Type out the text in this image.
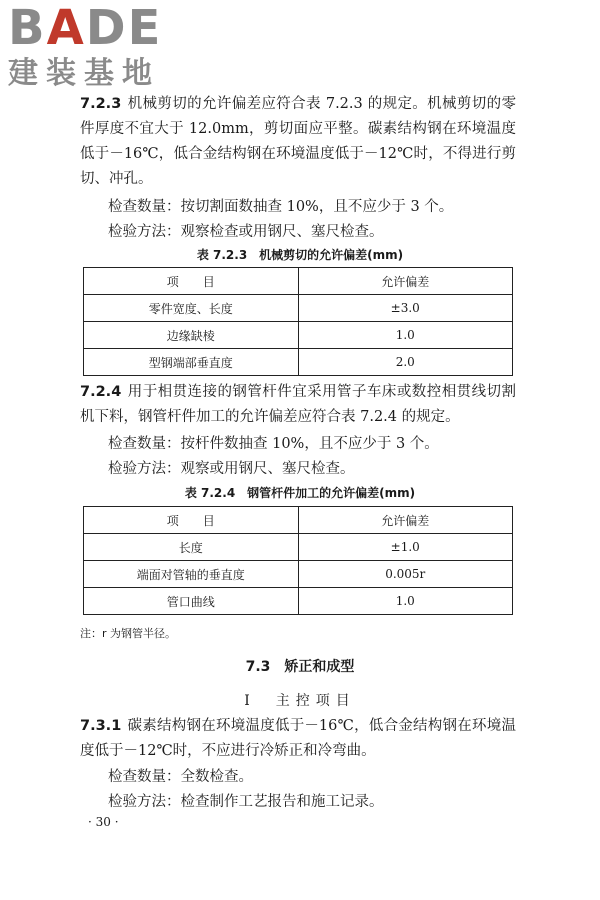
BADE
建装基地
7.2.3 机械剪切的允许偏差应符合表 7.2.3 的规定。机械剪切的零件厚度不宜大于 12.0mm，剪切面应平整。碳素结构钢在环境温度低于－16℃，低合金结构钢在环境温度低于－12℃时，不得进行剪切、冲孔。
检查数量：按切割面数抽查 10%，且不应少于 3 个。
检验方法：观察检查或用钢尺、塞尺检查。
表 7.2.3　机械剪切的允许偏差(mm)
项　　目	允许偏差
零件宽度、长度	±3.0
边缘缺棱	1.0
型钢端部垂直度	2.0
7.2.4 用于相贯连接的钢管杆件宜采用管子车床或数控相贯线切割机下料，钢管杆件加工的允许偏差应符合表 7.2.4 的规定。
检查数量：按杆件数抽查 10%，且不应少于 3 个。
检验方法：观察或用钢尺、塞尺检查。
表 7.2.4　钢管杆件加工的允许偏差(mm)
项　　目	允许偏差
长度	±1.0
端面对管轴的垂直度	0.005r
管口曲线	1.0
注：r 为钢管半径。
7.3　矫正和成型
Ⅰ　主控项目
7.3.1 碳素结构钢在环境温度低于－16℃，低合金结构钢在环境温度低于－12℃时，不应进行冷矫正和冷弯曲。
检查数量：全数检查。
检验方法：检查制作工艺报告和施工记录。
· 30 ·
